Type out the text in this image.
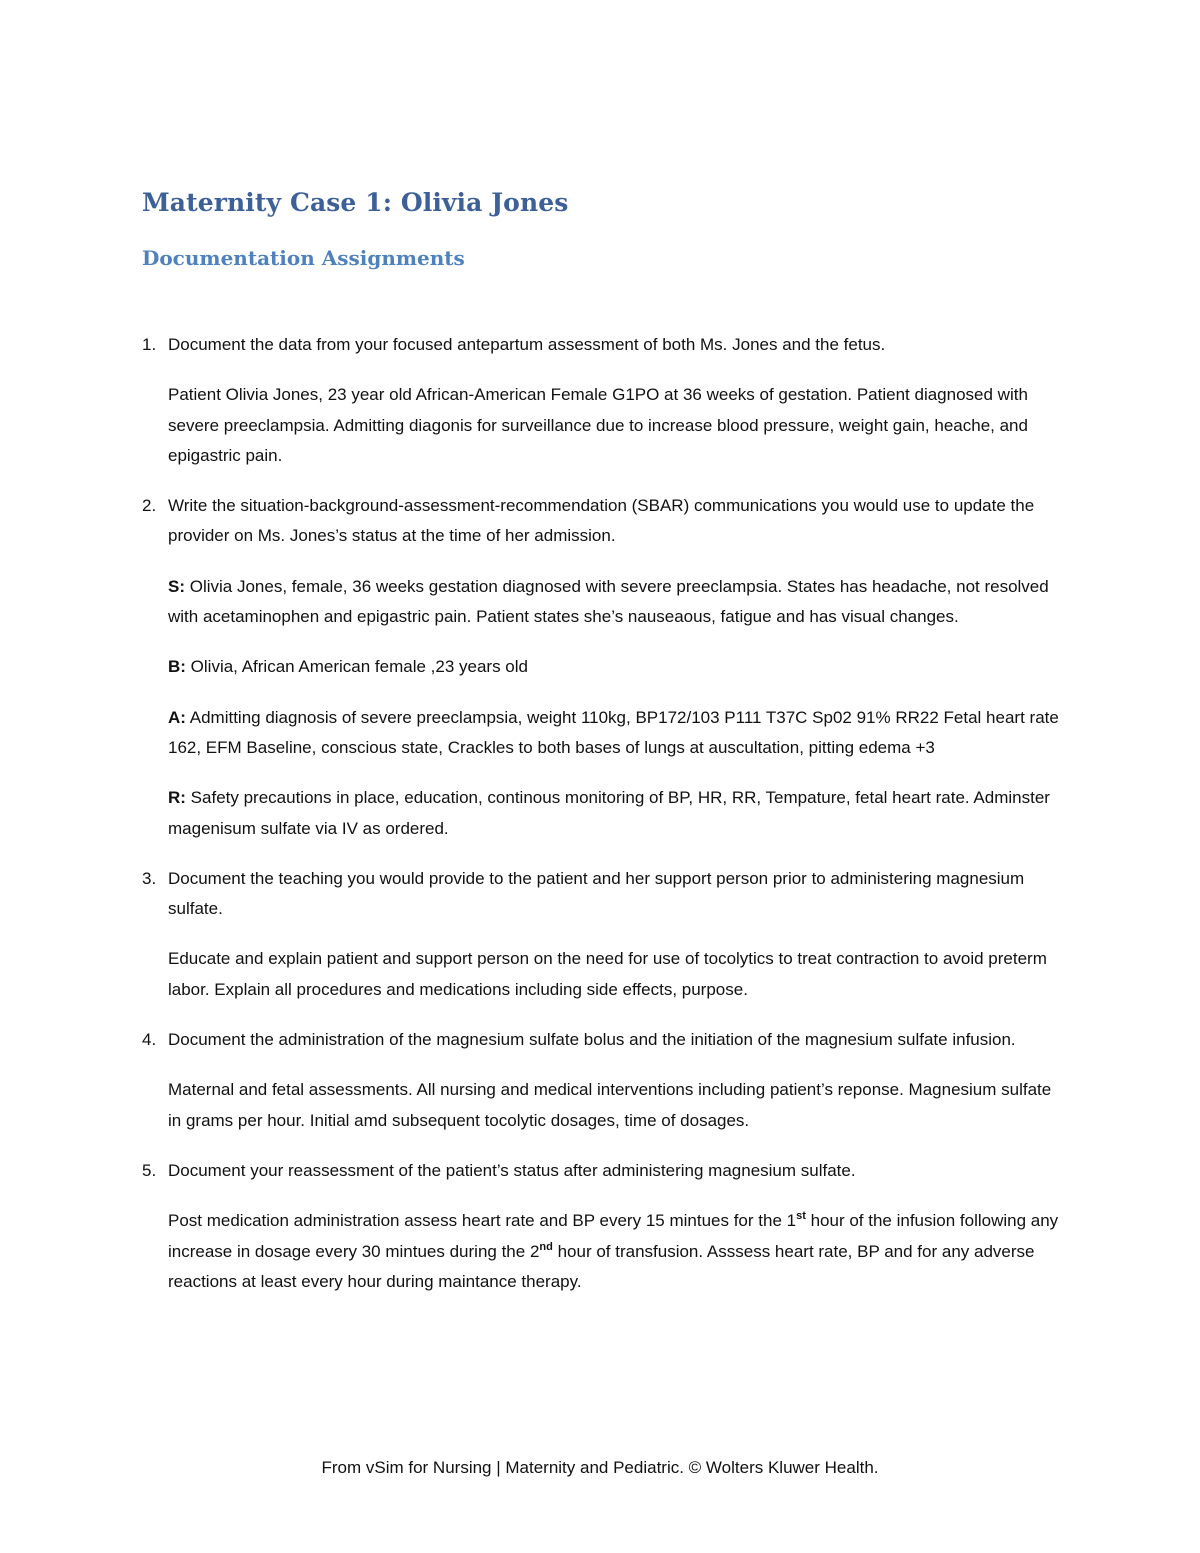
Maternity Case 1: Olivia Jones
Documentation Assignments
1. Document the data from your focused antepartum assessment of both Ms. Jones and the fetus.

Patient Olivia Jones, 23 year old African-American Female G1PO at 36 weeks of gestation. Patient diagnosed with severe preeclampsia. Admitting diagonis for surveillance due to increase blood pressure, weight gain, heache, and epigastric pain.

2. Write the situation-background-assessment-recommendation (SBAR) communications you would use to update the provider on Ms. Jones’s status at the time of her admission.

S: Olivia Jones, female, 36 weeks gestation diagnosed with severe preeclampsia. States has headache, not resolved with acetaminophen and epigastric pain. Patient states she’s nauseaous, fatigue and has visual changes.

B: Olivia, African American female ,23 years old

A: Admitting diagnosis of severe preeclampsia, weight 110kg, BP172/103 P111 T37C Sp02 91% RR22 Fetal heart rate 162, EFM Baseline, conscious state, Crackles to both bases of lungs at auscultation, pitting edema +3

R: Safety precautions in place, education, continous monitoring of BP, HR, RR, Tempature, fetal heart rate. Adminster magenisum sulfate via IV as ordered.

3. Document the teaching you would provide to the patient and her support person prior to administering magnesium sulfate.

Educate and explain patient and support person on the need for use of tocolytics to treat contraction to avoid preterm labor. Explain all procedures and medications including side effects, purpose.

4. Document the administration of the magnesium sulfate bolus and the initiation of the magnesium sulfate infusion.

Maternal and fetal assessments. All nursing and medical interventions including patient’s reponse. Magnesium sulfate in grams per hour. Initial amd subsequent tocolytic dosages, time of dosages.

5. Document your reassessment of the patient’s status after administering magnesium sulfate.

Post medication administration assess heart rate and BP every 15 mintues for the 1st hour of the infusion following any increase in dosage every 30 mintues during the 2nd hour of transfusion. Asssess heart rate, BP and for any adverse reactions at least every hour during maintance therapy.

From vSim for Nursing | Maternity and Pediatric. © Wolters Kluwer Health.
